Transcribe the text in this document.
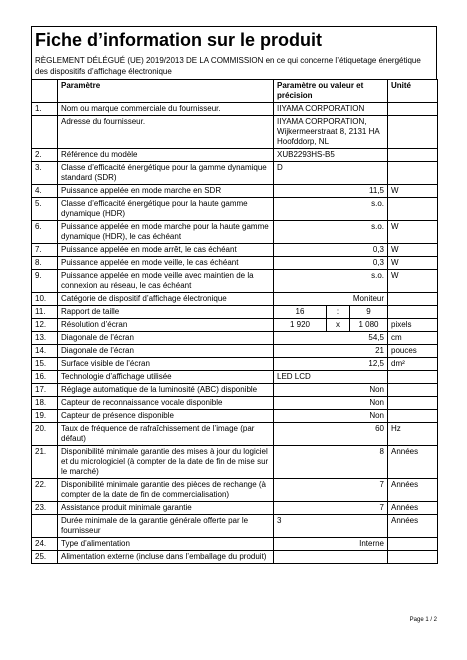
Fiche d’information sur le produit
RÈGLEMENT DÉLÉGUÉ (UE) 2019/2013 DE LA COMMISSION en ce qui concerne l’étiquetage énergétique des dispositifs d’affichage électronique
	Paramètre	Paramètre ou valeur et précision	Unité
1.	Nom ou marque commerciale du fournisseur.	IIYAMA CORPORATION	
	Adresse du fournisseur.	IIYAMA CORPORATION, Wijkermeerstraat 8, 2131 HA Hoofddorp, NL	
2.	Référence du modèle	XUB2293HS-B5	
3.	Classe d’efficacité énergétique pour la gamme dynamique standard (SDR)	D	
4.	Puissance appelée en mode marche en SDR	11,5	W
5.	Classe d’efficacité énergétique pour la haute gamme dynamique (HDR)	s.o.	
6.	Puissance appelée en mode marche pour la haute gamme dynamique (HDR), le cas échéant	s.o.	W
7.	Puissance appelée en mode arrêt, le cas échéant	0,3	W
8.	Puissance appelée en mode veille, le cas échéant	0,3	W
9.	Puissance appelée en mode veille avec maintien de la connexion au réseau, le cas échéant	s.o.	W
10.	Catégorie de dispositif d’affichage électronique	Moniteur	
11.	Rapport de taille	16 : 9	

12.	Résolution d’écran	1 920 x 1 080	pixels
13.	Diagonale de l’écran	54,5	cm
14.	Diagonale de l’écran	21	pouces
15.	Surface visible de l’écran	12,5	dm²
16.	Technologie d’affichage utilisée	LED LCD	
17.	Réglage automatique de la luminosité (ABC) disponible	Non	
18.	Capteur de reconnaissance vocale disponible	Non	
19.	Capteur de présence disponible	Non	
20.	Taux de fréquence de rafraîchissement de l’image (par défaut)	60	Hz
21.	Disponibilité minimale garantie des mises à jour du logiciel et du micrologiciel (à compter de la date de fin de mise sur le marché)	8	Années
22.	Disponibilité minimale garantie des pièces de rechange (à compter de la date de fin de commercialisation)	7	Années
23.	Assistance produit minimale garantie	7	Années
	Durée minimale de la garantie générale offerte par le fournisseur	3	Années
24.	Type d’alimentation	Interne	
25.	Alimentation externe (incluse dans l’emballage du produit)		
Page 1 / 2
